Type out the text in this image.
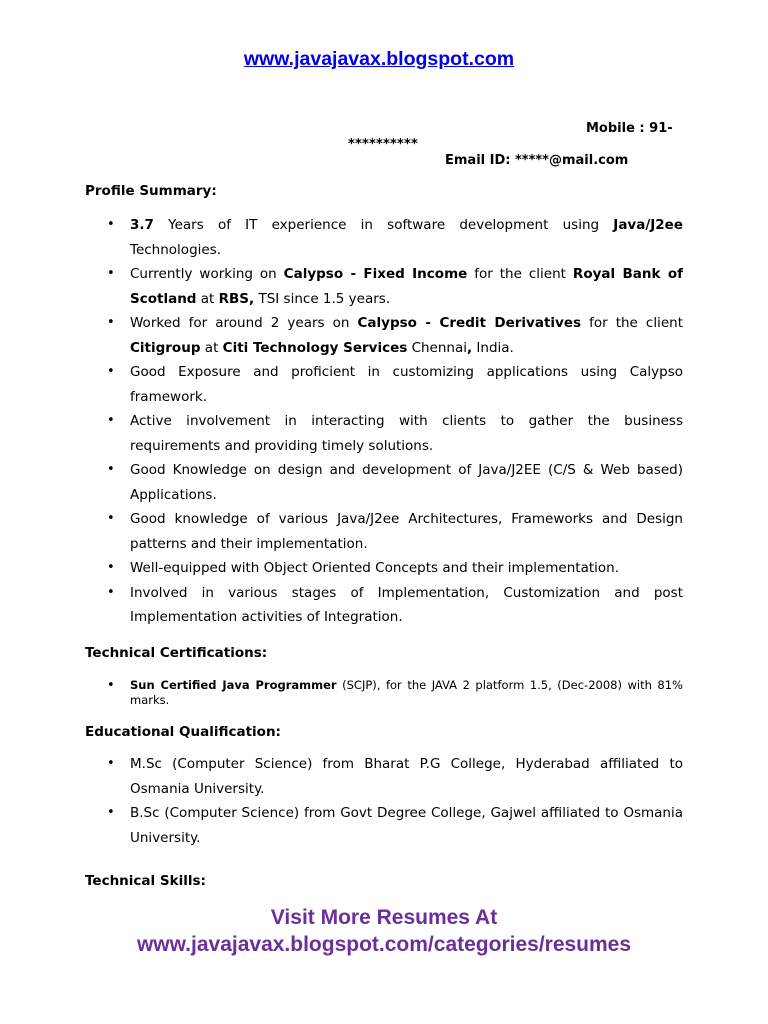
www.javajavax.blogspot.com
Mobile : 91-
**********
Email ID: *****@mail.com
Profile Summary:
• 3.7 Years of IT experience in software development using Java/J2ee Technologies.
• Currently working on Calypso - Fixed Income for the client Royal Bank of Scotland at RBS, TSI since 1.5 years.
• Worked for around 2 years on Calypso - Credit Derivatives for the client Citigroup at Citi Technology Services Chennai, India.
• Good Exposure and proficient in customizing applications using Calypso framework.
• Active involvement in interacting with clients to gather the business requirements and providing timely solutions.
• Good Knowledge on design and development of Java/J2EE (C/S & Web based) Applications.
• Good knowledge of various Java/J2ee Architectures, Frameworks and Design patterns and their implementation.
• Well-equipped with Object Oriented Concepts and their implementation.
• Involved in various stages of Implementation, Customization and post Implementation activities of Integration.
Technical Certifications:
• Sun Certified Java Programmer (SCJP), for the JAVA 2 platform 1.5, (Dec-2008) with 81% marks.
Educational Qualification:
• M.Sc (Computer Science) from Bharat P.G College, Hyderabad affiliated to Osmania University.
• B.Sc (Computer Science) from Govt Degree College, Gajwel affiliated to Osmania University.
Technical Skills:
Visit More Resumes At
www.javajavax.blogspot.com/categories/resumes
